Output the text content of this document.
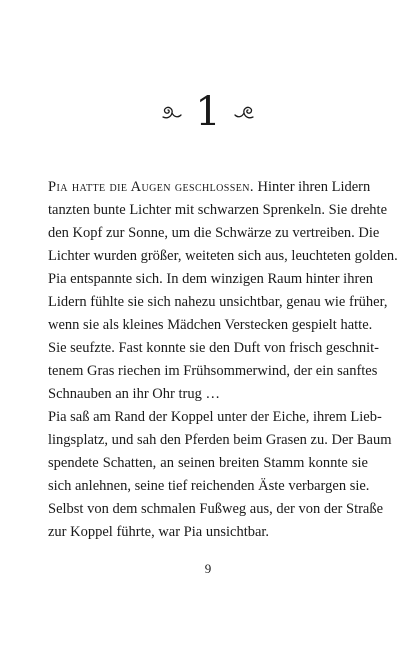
1
Pia hatte die Augen geschlossen. Hinter ihren Lidern
tanzten bunte Lichter mit schwarzen Sprenkeln. Sie drehte
den Kopf zur Sonne, um die Schwärze zu vertreiben. Die
Lichter wurden größer, weiteten sich aus, leuchteten golden.
Pia entspannte sich. In dem winzigen Raum hinter ihren
Lidern fühlte sie sich nahezu unsichtbar, genau wie früher,
wenn sie als kleines Mädchen Verstecken gespielt hatte.
Sie seufzte. Fast konnte sie den Duft von frisch geschnit-
tenem Gras riechen im Frühsommerwind, der ein sanftes
Schnauben an ihr Ohr trug …
Pia saß am Rand der Koppel unter der Eiche, ihrem Lieb-
lingsplatz, und sah den Pferden beim Grasen zu. Der Baum
spendete Schatten, an seinen breiten Stamm konnte sie
sich anlehnen, seine tief reichenden Äste verbargen sie.
Selbst von dem schmalen Fußweg aus, der von der Straße
zur Koppel führte, war Pia unsichtbar.
9
